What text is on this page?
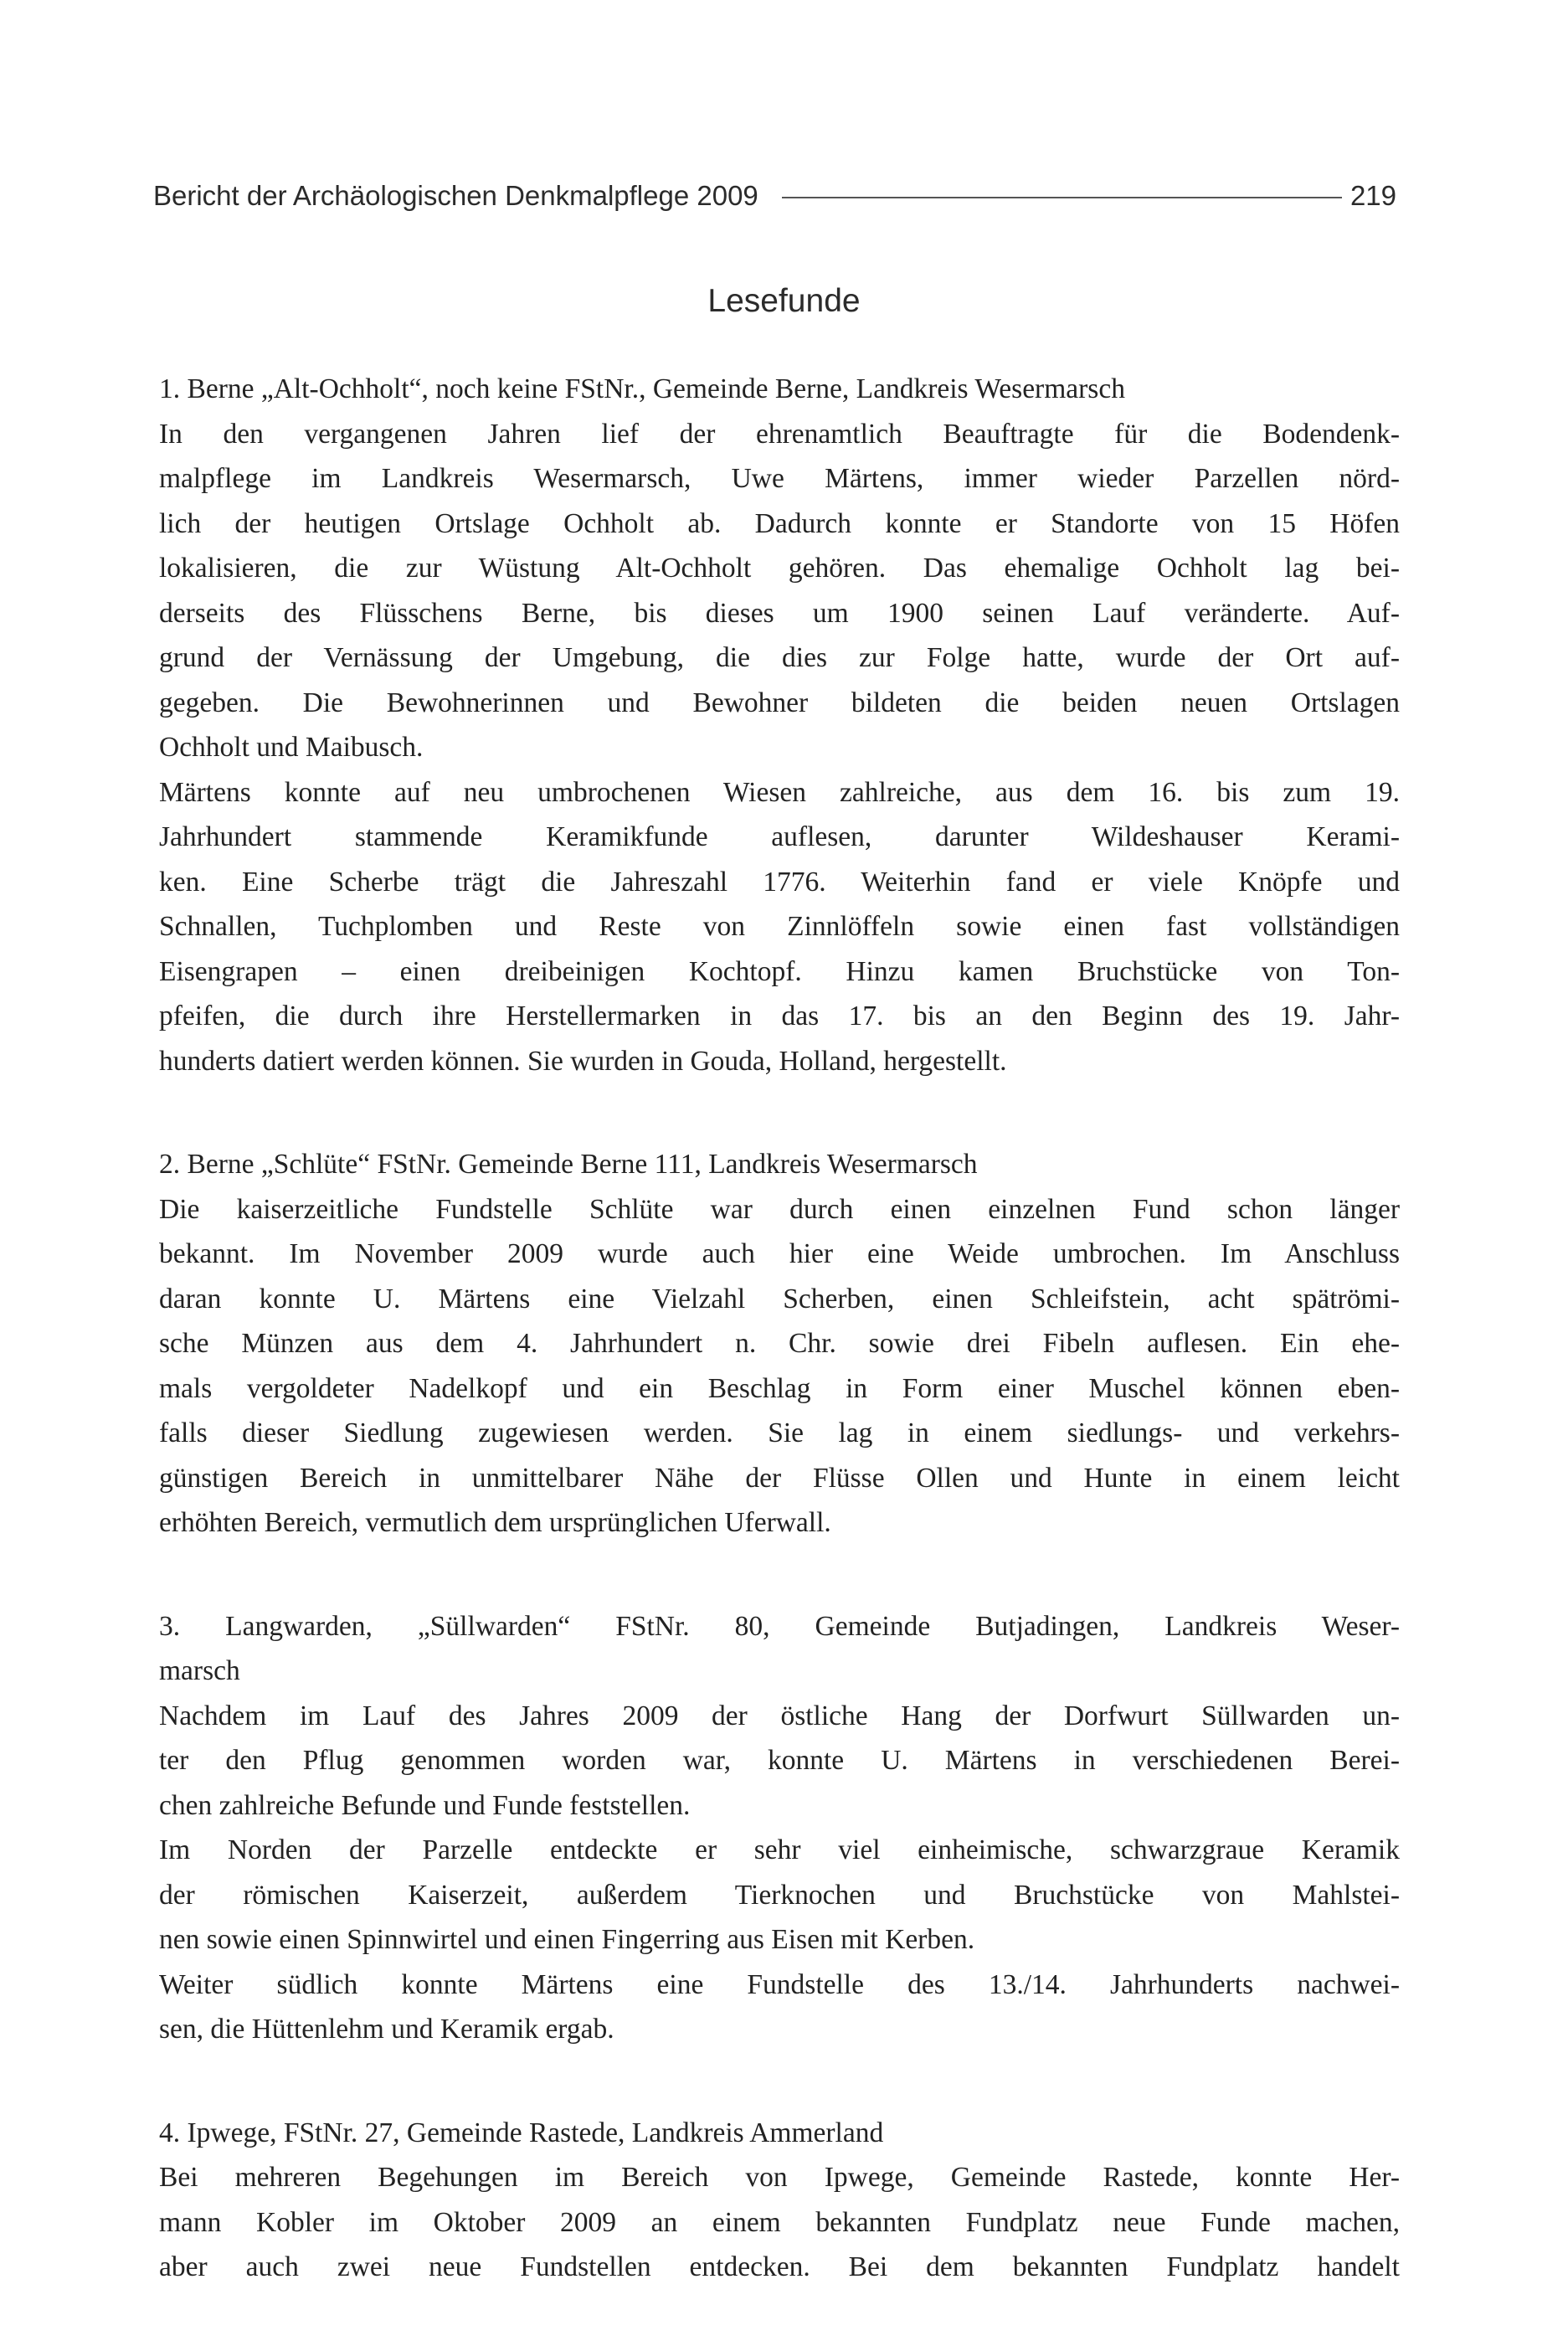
Bericht der Archäologischen Denkmalpflege 2009	219
Lesefunde
1. Berne „Alt-Ochholt“, noch keine FStNr., Gemeinde Berne, Landkreis Wesermarsch
In den vergangenen Jahren lief der ehrenamtlich Beauftragte für die Bodendenk-
malpflege im Landkreis Wesermarsch, Uwe Märtens, immer wieder Parzellen nörd-
lich der heutigen Ortslage Ochholt ab. Dadurch konnte er Standorte von 15 Höfen
lokalisieren, die zur Wüstung Alt-Ochholt gehören. Das ehemalige Ochholt lag bei-
derseits des Flüsschens Berne, bis dieses um 1900 seinen Lauf veränderte. Auf-
grund der Vernässung der Umgebung, die dies zur Folge hatte, wurde der Ort auf-
gegeben. Die Bewohnerinnen und Bewohner bildeten die beiden neuen Ortslagen
Ochholt und Maibusch.
Märtens konnte auf neu umbrochenen Wiesen zahlreiche, aus dem 16. bis zum 19.
Jahrhundert stammende Keramikfunde auflesen, darunter Wildeshauser Kerami-
ken. Eine Scherbe trägt die Jahreszahl 1776. Weiterhin fand er viele Knöpfe und
Schnallen, Tuchplomben und Reste von Zinnlöffeln sowie einen fast vollständigen
Eisengrapen – einen dreibeinigen Kochtopf. Hinzu kamen Bruchstücke von Ton-
pfeifen, die durch ihre Herstellermarken in das 17. bis an den Beginn des 19. Jahr-
hunderts datiert werden können. Sie wurden in Gouda, Holland, hergestellt.
2. Berne „Schlüte“ FStNr. Gemeinde Berne 111, Landkreis Wesermarsch
Die kaiserzeitliche Fundstelle Schlüte war durch einen einzelnen Fund schon länger
bekannt. Im November 2009 wurde auch hier eine Weide umbrochen. Im Anschluss
daran konnte U. Märtens eine Vielzahl Scherben, einen Schleifstein, acht spätrömi-
sche Münzen aus dem 4. Jahrhundert n. Chr. sowie drei Fibeln auflesen. Ein ehe-
mals vergoldeter Nadelkopf und ein Beschlag in Form einer Muschel können eben-
falls dieser Siedlung zugewiesen werden. Sie lag in einem siedlungs- und verkehrs-
günstigen Bereich in unmittelbarer Nähe der Flüsse Ollen und Hunte in einem leicht
erhöhten Bereich, vermutlich dem ursprünglichen Uferwall.
3. Langwarden, „Süllwarden“ FStNr. 80, Gemeinde Butjadingen, Landkreis Weser-
marsch
Nachdem im Lauf des Jahres 2009 der östliche Hang der Dorfwurt Süllwarden un-
ter den Pflug genommen worden war, konnte U. Märtens in verschiedenen Berei-
chen zahlreiche Befunde und Funde feststellen.
Im Norden der Parzelle entdeckte er sehr viel einheimische, schwarzgraue Keramik
der römischen Kaiserzeit, außerdem Tierknochen und Bruchstücke von Mahlstei-
nen sowie einen Spinnwirtel und einen Fingerring aus Eisen mit Kerben.
Weiter südlich konnte Märtens eine Fundstelle des 13./14. Jahrhunderts nachwei-
sen, die Hüttenlehm und Keramik ergab.
4. Ipwege, FStNr. 27, Gemeinde Rastede, Landkreis Ammerland
Bei mehreren Begehungen im Bereich von Ipwege, Gemeinde Rastede, konnte Her-
mann Kobler im Oktober 2009 an einem bekannten Fundplatz neue Funde machen,
aber auch zwei neue Fundstellen entdecken. Bei dem bekannten Fundplatz handelt
